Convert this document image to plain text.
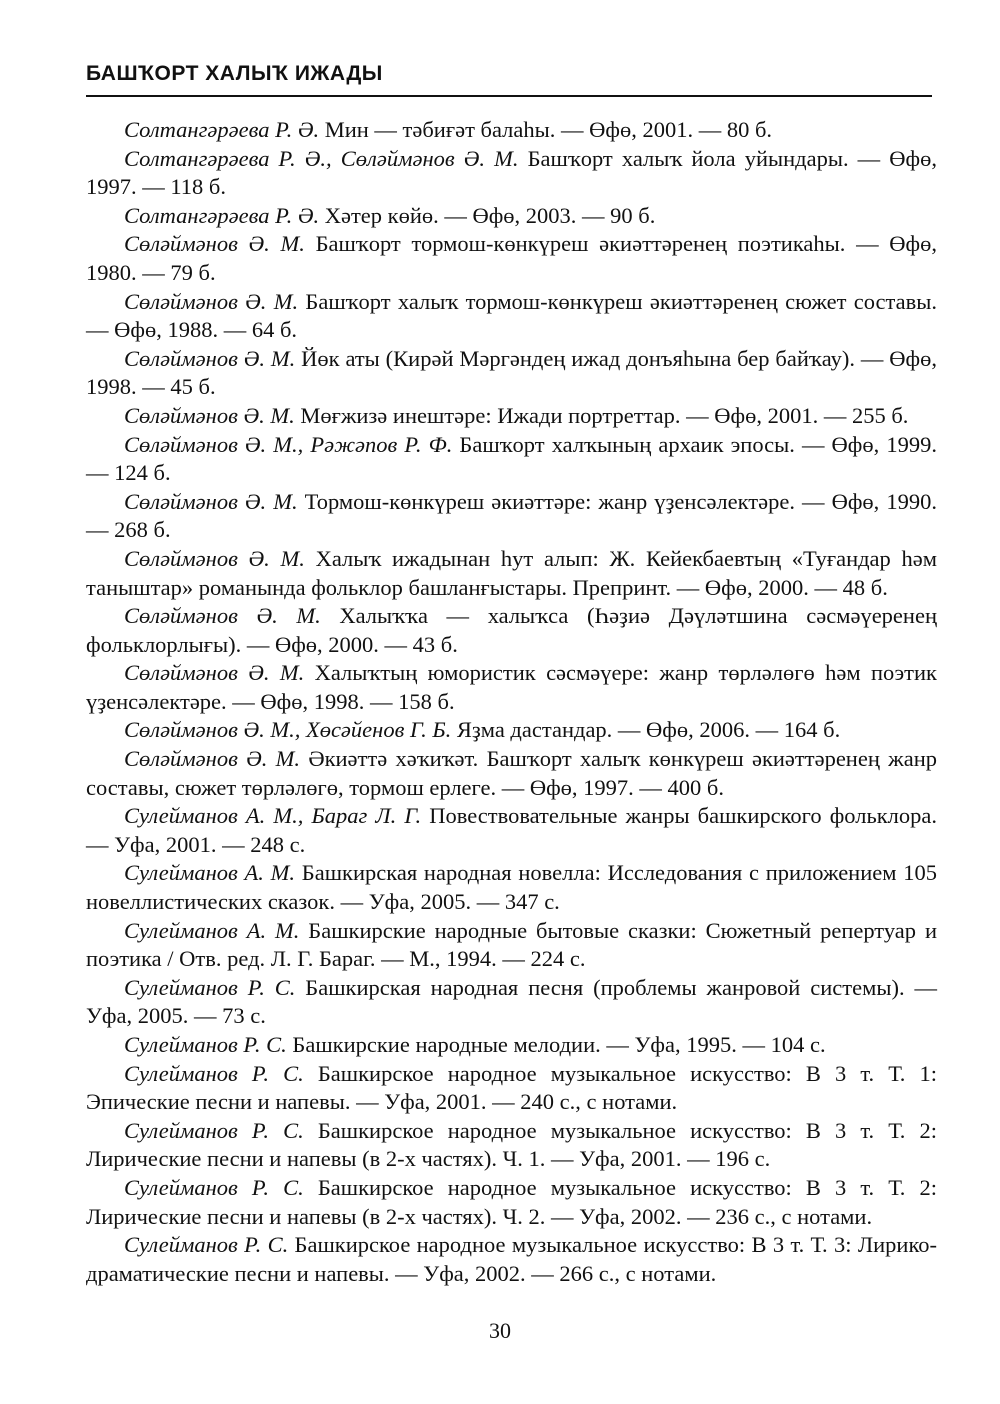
БАШҠОРТ ХАЛЫҠ ИЖАДЫ

Солтангәрәева Р. Ә. Мин — тәбиғәт балаһы. — Өфө, 2001. — 80 б.

Солтангәрәева Р. Ә., Сөләймәнов Ә. М. Башҡорт халыҡ йола уйындары. — Өфө, 1997. — 118 б.

Солтангәрәева Р. Ә. Хәтер көйө. — Өфө, 2003. — 90 б.

Сөләймәнов Ә. М. Башҡорт тормош-көнкүреш әкиәттәренең поэтикаһы. — Өфө, 1980. — 79 б.

Сөләймәнов Ә. М. Башҡорт халыҡ тормош-көнкүреш әкиәттәренең сюжет составы. — Өфө, 1988. — 64 б.

Сөләймәнов Ә. М. Йөк аты (Кирәй Мәргәндең ижад донъяһына бер байҡау). — Өфө, 1998. — 45 б.

Сөләймәнов Ә. М. Мөғжизә инештәре: Ижади портреттар. — Өфө, 2001. — 255 б.

Сөләймәнов Ә. М., Рәжәпов Р. Ф. Башҡорт халҡының архаик эпосы. — Өфө, 1999. — 124 б.

Сөләймәнов Ә. М. Тормош-көнкүреш әкиәттәре: жанр үҙенсәлектәре. — Өфө, 1990. — 268 б.

Сөләймәнов Ә. М. Халыҡ ижадынан һут алып: Ж. Кейекбаевтың «Туғандар һәм таныштар» романында фольклор башланғыстары. Препринт. — Өфө, 2000. — 48 б.

Сөләймәнов Ә. М. Халыҡҡа — халыҡса (Һәҙиә Дәүләтшина сәсмәүеренең фольклорлығы). — Өфө, 2000. — 43 б.

Сөләймәнов Ә. М. Халыҡтың юмористик сәсмәүере: жанр төрләлөгө һәм поэтик үҙенсәлектәре. — Өфө, 1998. — 158 б.

Сөләймәнов Ә. М., Хөсәйенов Г. Б. Яҙма дастандар. — Өфө, 2006. — 164 б.

Сөләймәнов Ә. М. Әкиәттә хәҡиҡәт. Башҡорт халыҡ көнкүреш әкиәттәренең жанр составы, сюжет төрләлөгө, тормош ерлеге. — Өфө, 1997. — 400 б.

Сулейманов А. М., Бараг Л. Г. Повествовательные жанры башкирского фольклора. — Уфа, 2001. — 248 с.

Сулейманов А. М. Башкирская народная новелла: Исследования с приложением 105 новеллистических сказок. — Уфа, 2005. — 347 с.

Сулейманов А. М. Башкирские народные бытовые сказки: Сюжетный репертуар и поэтика / Отв. ред. Л. Г. Бараг. — М., 1994. — 224 с.

Сулейманов Р. С. Башкирская народная песня (проблемы жанровой системы). — Уфа, 2005. — 73 с.

Сулейманов Р. С. Башкирские народные мелодии. — Уфа, 1995. — 104 с.

Сулейманов Р. С. Башкирское народное музыкальное искусство: В 3 т. Т. 1: Эпические песни и напевы. — Уфа, 2001. — 240 с., с нотами.

Сулейманов Р. С. Башкирское народное музыкальное искусство: В 3 т. Т. 2: Лирические песни и напевы (в 2-х частях). Ч. 1. — Уфа, 2001. — 196 с.

Сулейманов Р. С. Башкирское народное музыкальное искусство: В 3 т. Т. 2: Лирические песни и напевы (в 2-х частях). Ч. 2. — Уфа, 2002. — 236 с., с нотами.

Сулейманов Р. С. Башкирское народное музыкальное искусство: В 3 т. Т. 3: Лирико-драматические песни и напевы. — Уфа, 2002. — 266 с., с нотами.

30
